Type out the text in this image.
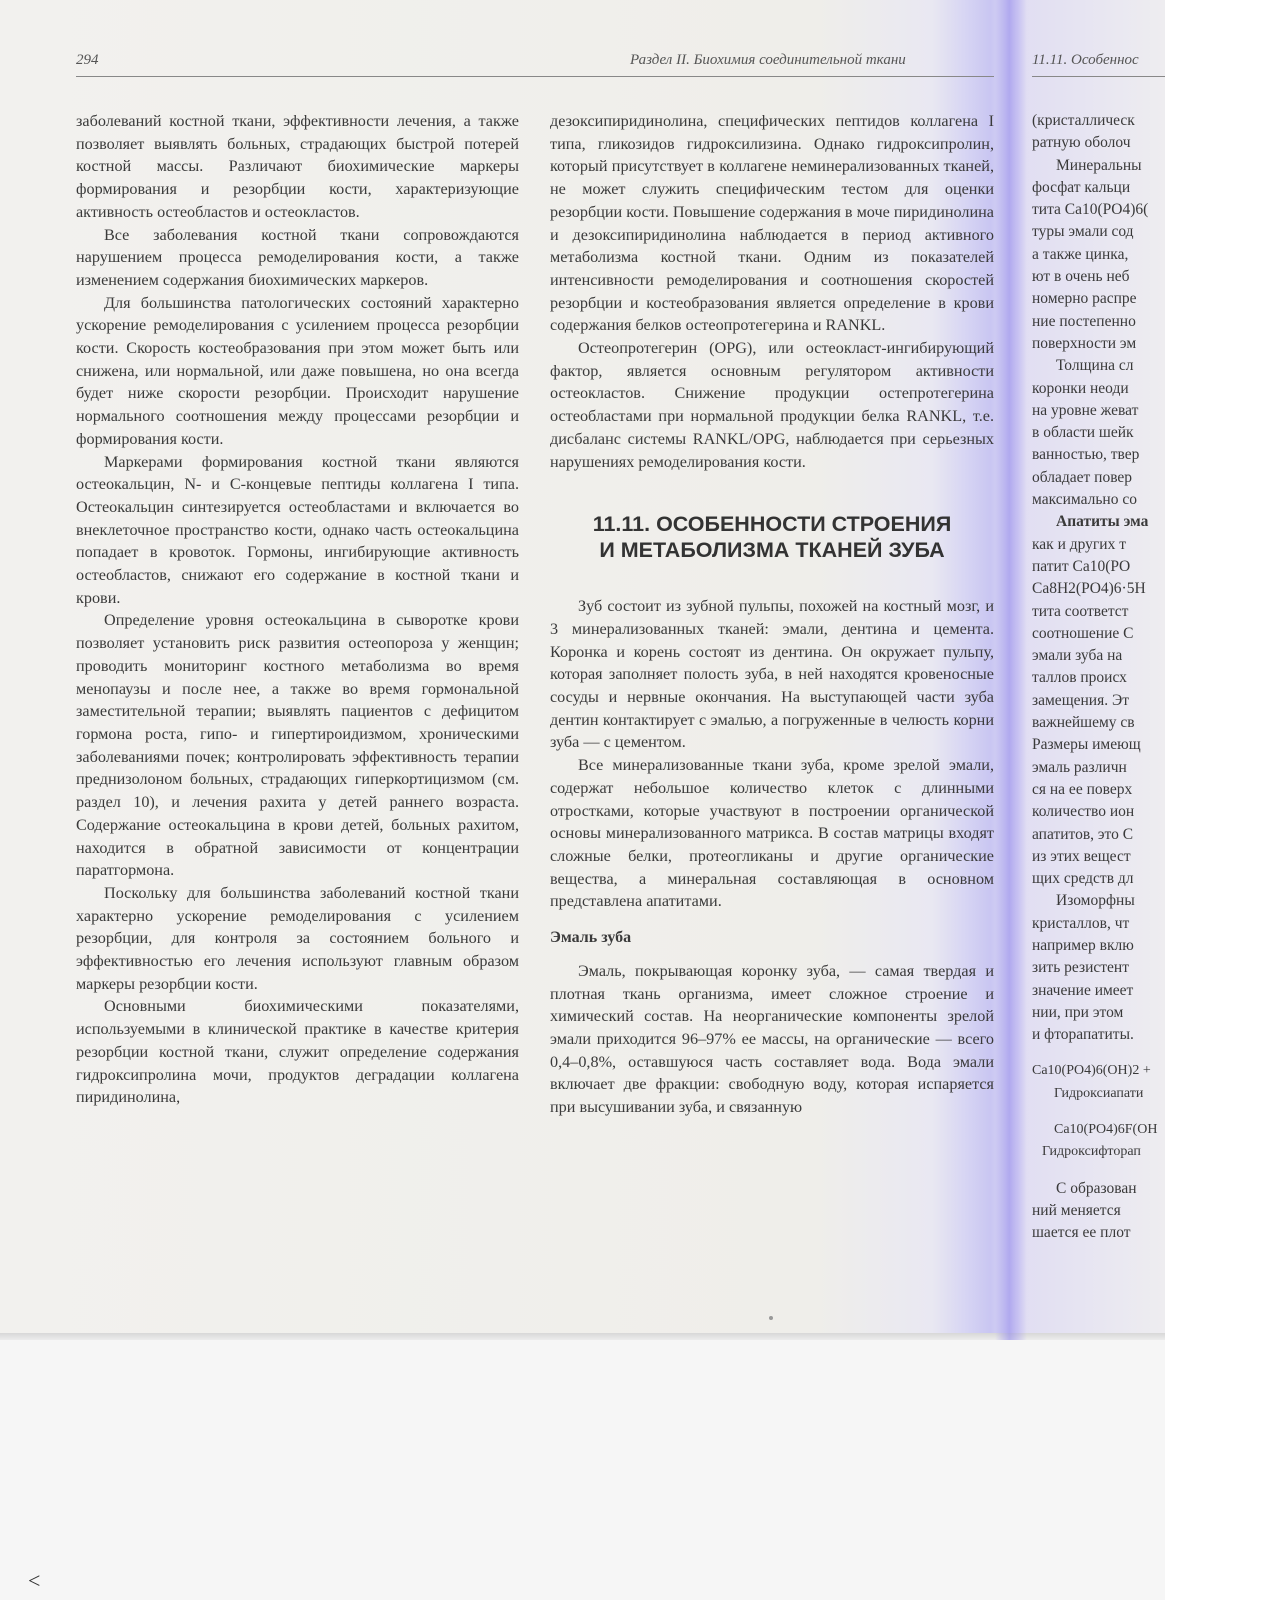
294	Раздел II. Биохимия соединительной ткани	11.11. Особеннос

заболеваний костной ткани, эффективности лечения, а также позволяет выявлять больных, страдающих быстрой потерей костной массы. Различают биохимические маркеры формирования и резорбции кости, характеризующие активность остеобластов и остеокластов.

Все заболевания костной ткани сопровождаются нарушением процесса ремоделирования кости, а также изменением содержания биохимических маркеров.

Для большинства патологических состояний характерно ускорение ремоделирования с усилением процесса резорбции кости. Скорость костеобразования при этом может быть или снижена, или нормальной, или даже повышена, но она всегда будет ниже скорости резорбции. Происходит нарушение нормального соотношения между процессами резорбции и формирования кости.

Маркерами формирования костной ткани являются остеокальцин, N- и C-концевые пептиды коллагена I типа. Остеокальцин синтезируется остеобластами и включается во внеклеточное пространство кости, однако часть остеокальцина попадает в кровоток. Гормоны, ингибирующие активность остеобластов, снижают его содержание в костной ткани и крови.

Определение уровня остеокальцина в сыворотке крови позволяет установить риск развития остеопороза у женщин; проводить мониторинг костного метаболизма во время менопаузы и после нее, а также во время гормональной заместительной терапии; выявлять пациентов с дефицитом гормона роста, гипо- и гипертироидизмом, хроническими заболеваниями почек; контролировать эффективность терапии преднизолоном больных, страдающих гиперкортицизмом (см. раздел 10), и лечения рахита у детей раннего возраста. Содержание остеокальцина в крови детей, больных рахитом, находится в обратной зависимости от концентрации паратгормона.

Поскольку для большинства заболеваний костной ткани характерно ускорение ремоделирования с усилением резорбции, для контроля за состоянием больного и эффективностью его лечения используют главным образом маркеры резорбции кости.

Основными биохимическими показателями, используемыми в клинической практике в качестве критерия резорбции костной ткани, служит определение содержания гидроксипролина мочи, продуктов деградации коллагена пиридинолина,

дезоксипиридинолина, специфических пептидов коллагена I типа, гликозидов гидроксилизина. Однако гидроксипролин, который присутствует в коллагене неминерализованных тканей, не может служить специфическим тестом для оценки резорбции кости. Повышение содержания в моче пиридинолина и дезоксипиридинолина наблюдается в период активного метаболизма костной ткани. Одним из показателей интенсивности ремоделирования и соотношения скоростей резорбции и костеобразования является определение в крови содержания белков остеопротегерина и RANKL.

Остеопротегерин (OPG), или остеокласт-ингибирующий фактор, является основным регулятором активности остеокластов. Снижение продукции остепротегерина остеобластами при нормальной продукции белка RANKL, т.е. дисбаланс системы RANKL/OPG, наблюдается при серьезных нарушениях ремоделирования кости.

11.11. ОСОБЕННОСТИ СТРОЕНИЯ
И МЕТАБОЛИЗМА ТКАНЕЙ ЗУБА

Зуб состоит из зубной пульпы, похожей на костный мозг, и 3 минерализованных тканей: эмали, дентина и цемента. Коронка и корень состоят из дентина. Он окружает пульпу, которая заполняет полость зуба, в ней находятся кровеносные сосуды и нервные окончания. На выступающей части зуба дентин контактирует с эмалью, а погруженные в челюсть корни зуба — с цементом.

Все минерализованные ткани зуба, кроме зрелой эмали, содержат небольшое количество клеток с длинными отростками, которые участвуют в построении органической основы минерализованного матрикса. В состав матрицы входят сложные белки, протеогликаны и другие органические вещества, а минеральная составляющая в основном представлена апатитами.

Эмаль зуба

Эмаль, покрывающая коронку зуба, — самая твердая и плотная ткань организма, имеет сложное строение и химический состав. На неорганические компоненты зрелой эмали приходится 96–97% ее массы, на органические — всего 0,4–0,8%, оставшуюся часть составляет вода. Вода эмали включает две фракции: свободную воду, которая испаряется при высушивании зуба, и связанную

(кристаллическ

ратную оболоч

Минеральны

фосфат кальци

тита Ca10(PO4)6(

туры эмали сод

а также цинка,

ют в очень неб

номерно распре

ние постепенно

поверхности эм

Толщина сл

коронки неоди

на уровне жеват

в области шейк

ванностью, твер

обладает повер

максимально со

Апатиты эма

как и других т

патит Ca10(PO

Ca8H2(PO4)6·5H

тита соответст

соотношение С

эмали зуба на

таллов происх

замещения. Эт

важнейшему св

Размеры имеющ

эмаль различн

ся на ее поверх

количество ион

апатитов, это С

из этих вещест

щих средств дл

Изоморфны

кристаллов, чт

например вклю

зить резистент

значение имеет

нии, при этом

и фторапатиты.

Ca10(PO4)6(OH)2 +

Гидроксиапати

Ca10(PO4)6F(OH

Гидроксифторап

С образован

ний меняется

шается ее плот

<
